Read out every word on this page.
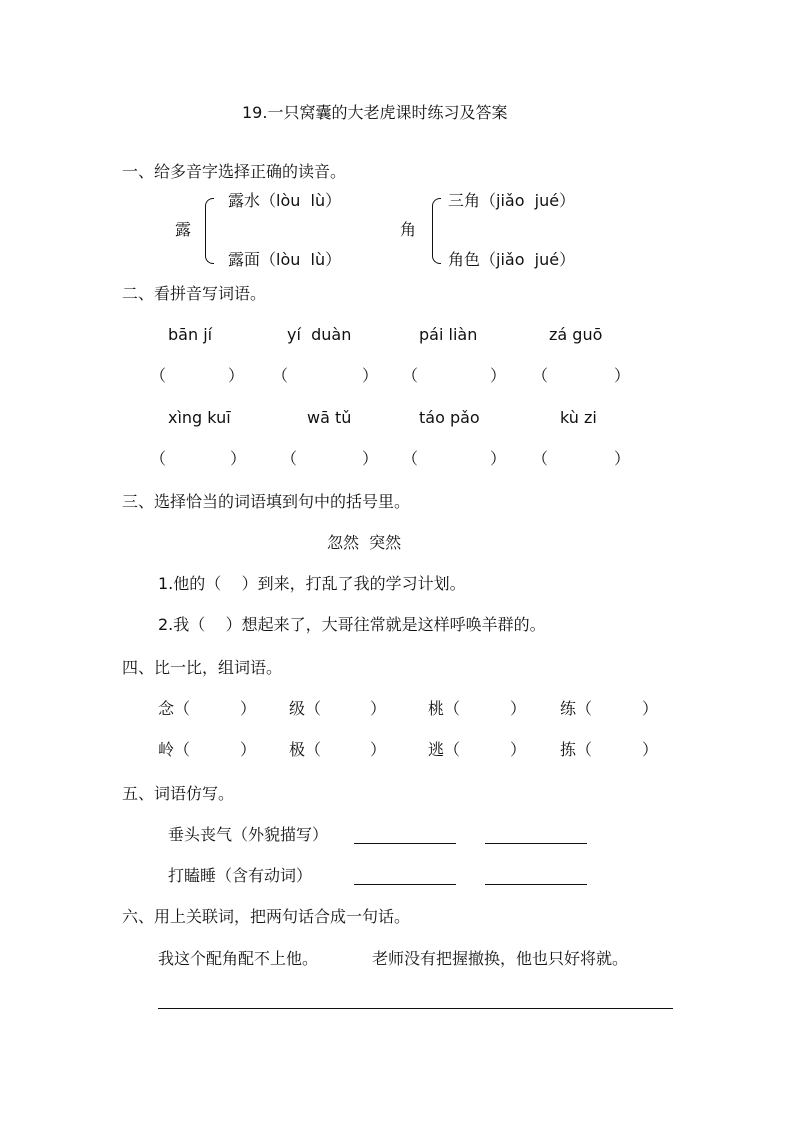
19.一只窝囊的大老虎课时练习及答案
一、给多音字选择正确的读音。
露
露水（lòu  lù）
露面（lòu  lù）
角
三角（jiǎo  jué）
角色（jiǎo  jué）
二、看拼音写词语。
bān jí	yí  duàn	pái liàn	zá guō
（	） （	） （	） （	）
xìng kuī	wā tǔ	táo pǎo	kù zi
（	） （	） （	） （	）
三、选择恰当的词语填到句中的括号里。
忽然  突然
1.他的（    ）到来，打乱了我的学习计划。
2.我（    ）想起来了，大哥往常就是这样呼唤羊群的。
四、比一比，组词语。
念 （	） 级 （	）	桃 （	） 练 （	）
岭 （	） 极 （	）	逃 （	） 拣 （	）
五、词语仿写。
垂头丧气（外貌描写）
打瞌睡（含有动词）
六、用上关联词，把两句话合成一句话。
我这个配角配不上他。	老师没有把握撤换，他也只好将就。
